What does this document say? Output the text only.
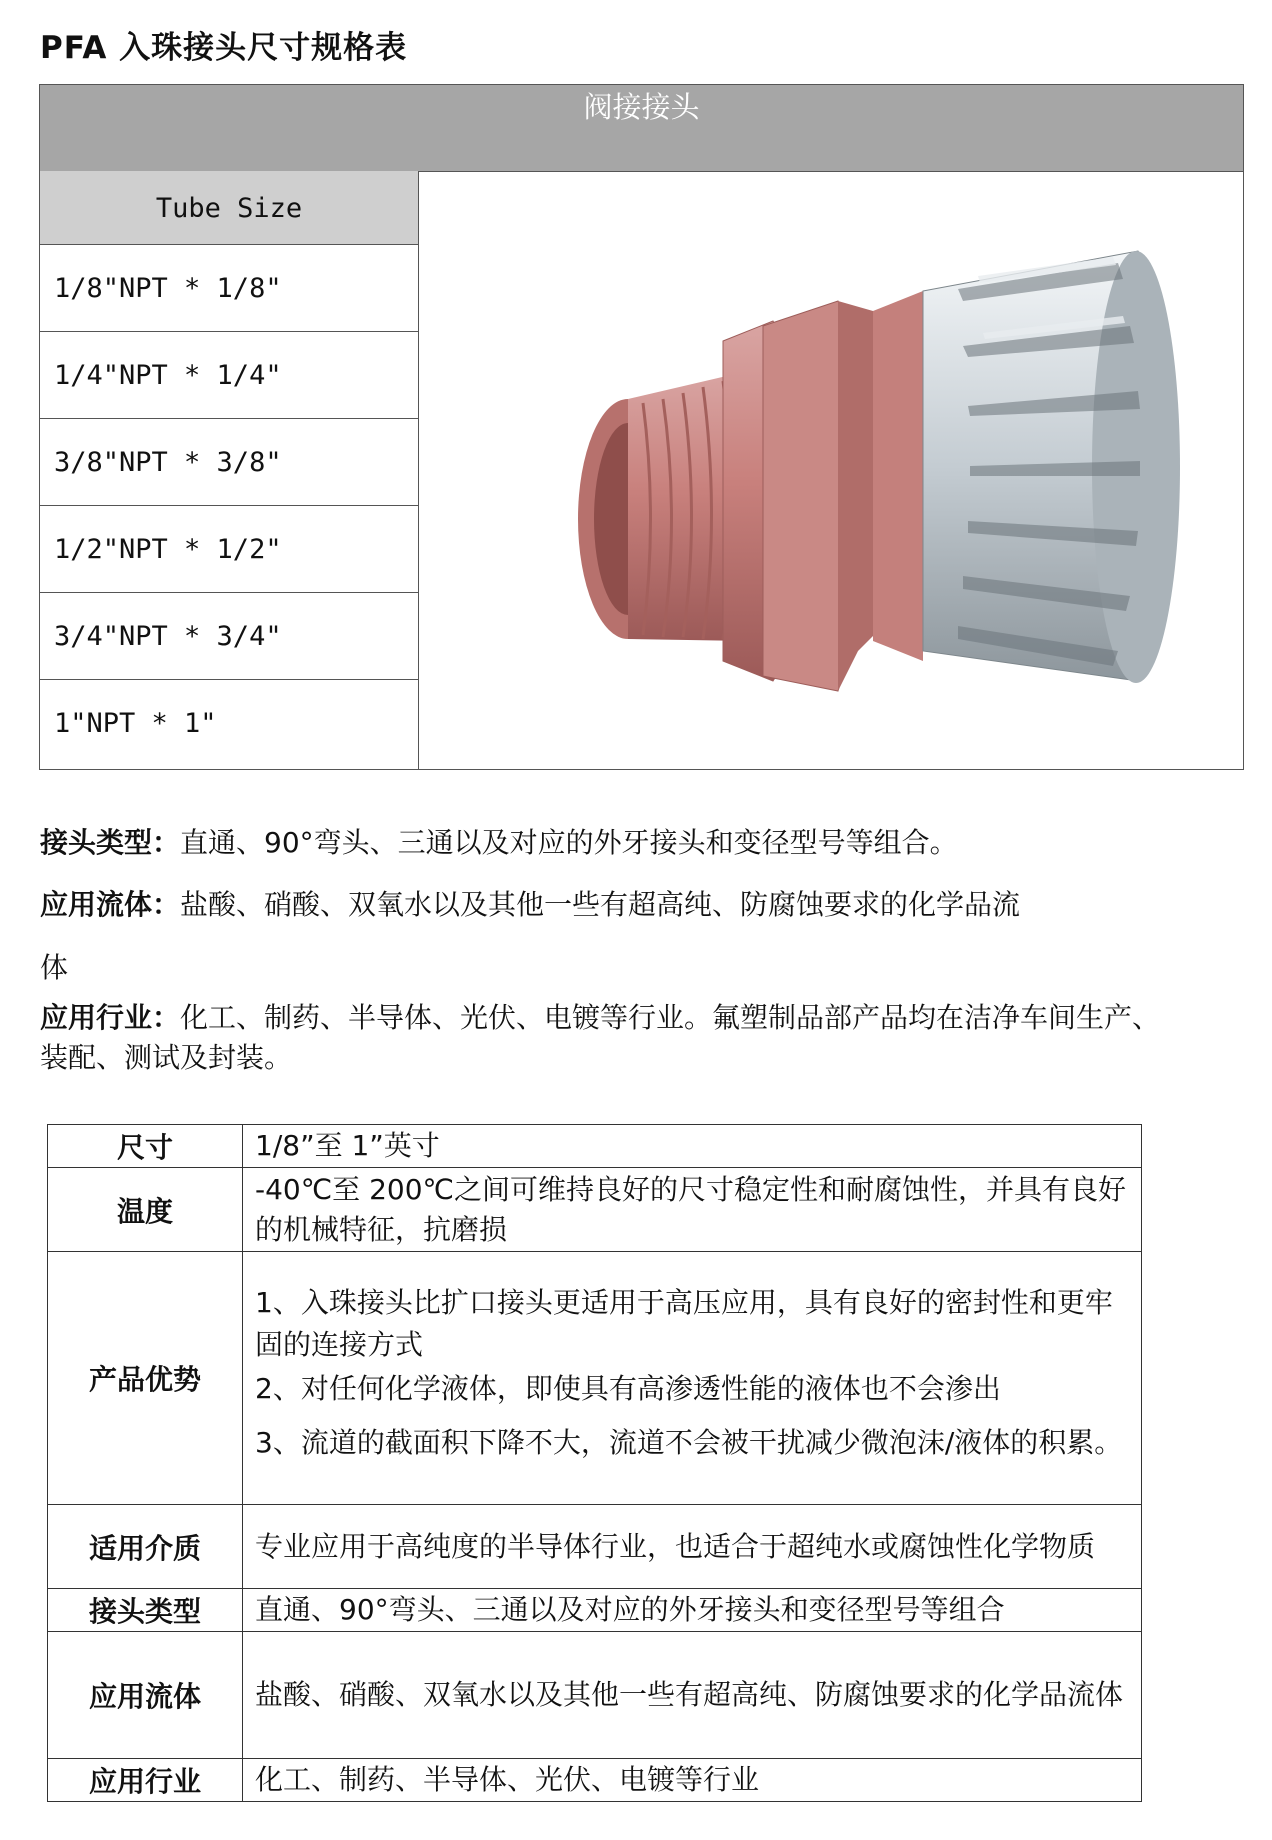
PFA 入珠接头尺寸规格表
阀接接头
Tube Size
1/8"NPT * 1/8"
1/4"NPT * 1/4"
3/8"NPT * 3/8"
1/2"NPT * 1/2"
3/4"NPT * 3/4"
1"NPT * 1"
接头类型：直通、90°弯头、三通以及对应的外牙接头和变径型号等组合。
应用流体：盐酸、硝酸、双氧水以及其他一些有超高纯、防腐蚀要求的化学品流
体
应用行业：化工、制药、半导体、光伏、电镀等行业。氟塑制品部产品均在洁净车间生产、装配、测试及封装。
尺寸	1/8”至 1”英寸
温度	-40℃至 200℃之间可维持良好的尺寸稳定性和耐腐蚀性，并具有良好的机械特征，抗磨损
产品优势	1、入珠接头比扩口接头更适用于高压应用，具有良好的密封性和更牢固的连接方式
2、对任何化学液体，即使具有高渗透性能的液体也不会渗出
3、流道的截面积下降不大，流道不会被干扰减少微泡沫/液体的积累。

适用介质	专业应用于高纯度的半导体行业，也适合于超纯水或腐蚀性化学物质
接头类型	直通、90°弯头、三通以及对应的外牙接头和变径型号等组合
应用流体	盐酸、硝酸、双氧水以及其他一些有超高纯、防腐蚀要求的化学品流体
应用行业	化工、制药、半导体、光伏、电镀等行业
